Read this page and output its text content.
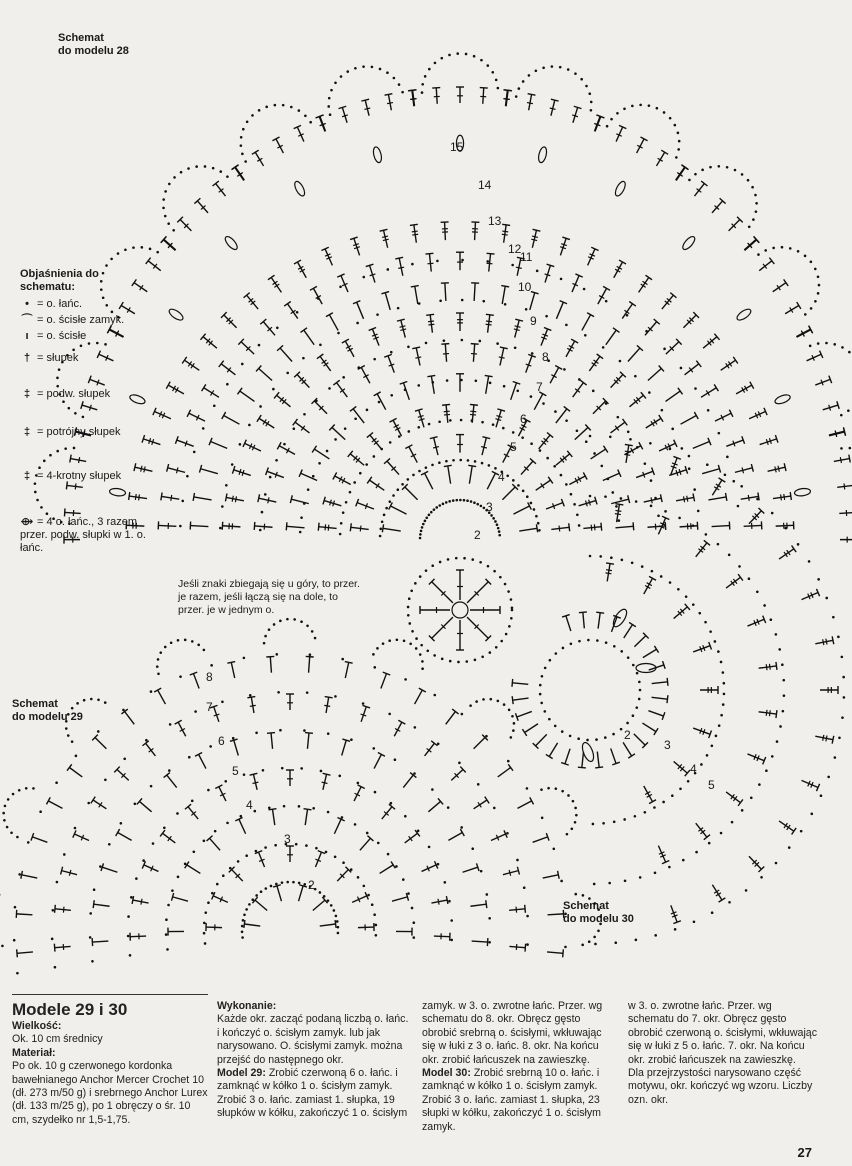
2
3
4
5
6
7
8
9
10
11
12
13
14
15
2
3
4
5
6
7
8
2
3
4
5
Schemat
do modelu 28
Schemat
do modelu 29
Schemat
do modelu 30
Jeśli znaki zbiegają się u góry, to przer. je razem, jeśli łączą się na dole, to przer. je w jednym o.
Objaśnienia do schematu:
• = o. łańc.
⌒ = o. ścisłe zamyk.
ı = o. ścisłe
† = słupek
‡ = podw. słupek
‡ = potrójny słupek
‡ = 4-krotny słupek
⟴ = 4 o. łańc., 3 razem przer. podw. słupki w 1. o. łańc.

Modele 29 i 30

Wielkość:

Ok. 10 cm średnicy

Materiał:

Po ok. 10 g czerwonego kordonka bawełnianego Anchor Mercer Crochet 10 (dł. 273 m/50 g) i srebrnego Anchor Lurex (dł. 133 m/25 g), po 1 obręczy o śr. 10 cm, szydełko nr 1,5-1,75.

Wykonanie:

Każde okr. zacząć podaną liczbą o. łańc. i kończyć o. ścisłym zamyk. lub jak narysowano. O. ścisłymi zamyk. można przejść do następnego okr.

Model 29: Zrobić czerwoną 6 o. łańc. i zamknąć w kółko 1 o. ścisłym zamyk. Zrobić 3 o. łańc. zamiast 1. słupka, 19 słupków w kółku, zakończyć 1 o. ścisłym

zamyk. w 3. o. zwrotne łańc. Przer. wg schematu do 8. okr. Obręcz gęsto obrobić srebrną o. ścisłymi, wkłuwając się w łuki z 3 o. łańc. 8. okr. Na końcu okr. zrobić łańcuszek na zawieszkę.

Model 30: Zrobić srebrną 10 o. łańc. i zamknąć w kółko 1 o. ścisłym zamyk. Zrobić 3 o. łańc. zamiast 1. słupka, 23 słupki w kółku, zakończyć 1 o. ścisłym zamyk.

w 3. o. zwrotne łańc. Przer. wg schematu do 7. okr. Obręcz gęsto obrobić czerwoną o. ścisłymi, wkłuwając się w łuki z 5 o. łańc. 7. okr. Na końcu okr. zrobić łańcuszek na zawieszkę.

Dla przejrzystości narysowano część motywu, okr. kończyć wg wzoru. Liczby ozn. okr.

27
